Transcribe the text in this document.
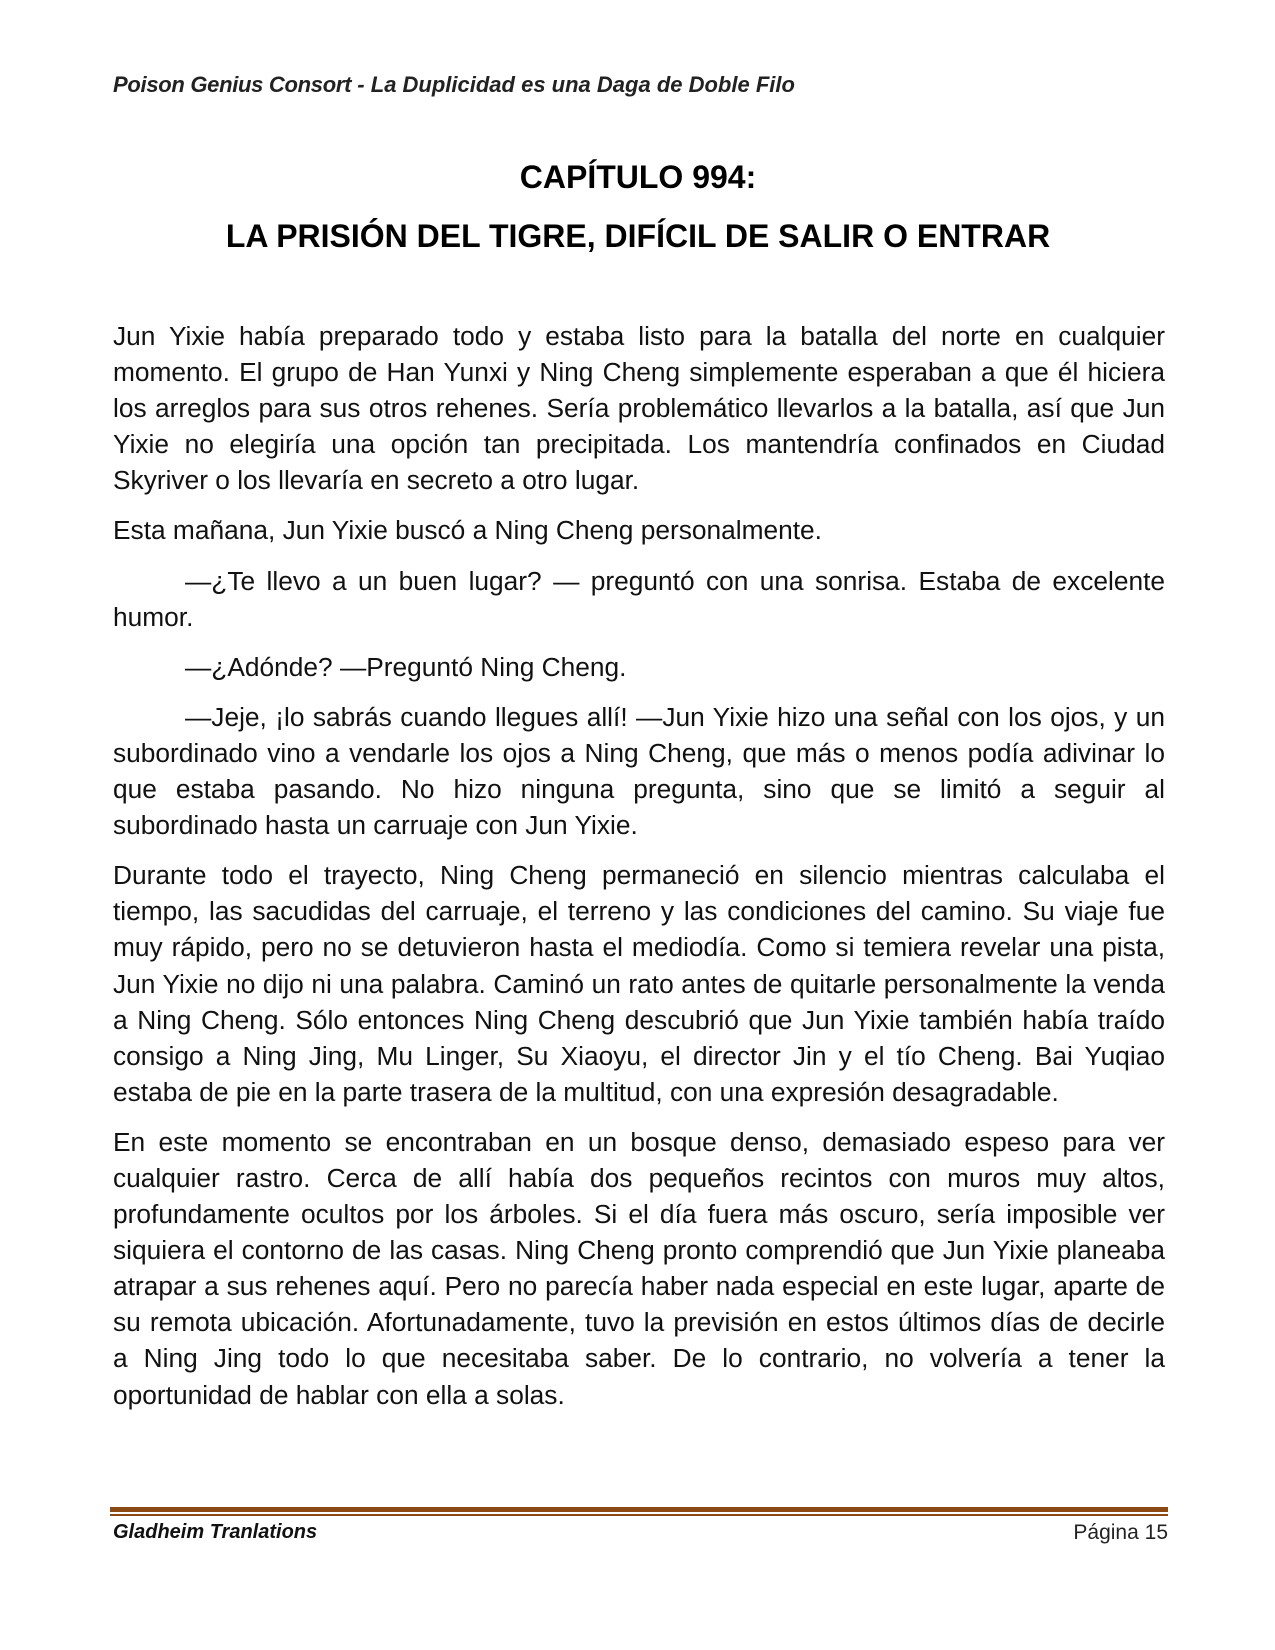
Poison Genius Consort - La Duplicidad es una Daga de Doble Filo
CAPÍTULO 994:
LA PRISIÓN DEL TIGRE, DIFÍCIL DE SALIR O ENTRAR

Jun Yixie había preparado todo y estaba listo para la batalla del norte en cualquier momento. El grupo de Han Yunxi y Ning Cheng simplemente esperaban a que él hiciera los arreglos para sus otros rehenes. Sería problemático llevarlos a la batalla, así que Jun Yixie no elegiría una opción tan precipitada. Los mantendría confinados en Ciudad Skyriver o los llevaría en secreto a otro lugar.

Esta mañana, Jun Yixie buscó a Ning Cheng personalmente.

—¿Te llevo a un buen lugar? — preguntó con una sonrisa. Estaba de excelente humor.

—¿Adónde? —Preguntó Ning Cheng.

—Jeje, ¡lo sabrás cuando llegues allí! —Jun Yixie hizo una señal con los ojos, y un subordinado vino a vendarle los ojos a Ning Cheng, que más o menos podía adivinar lo que estaba pasando. No hizo ninguna pregunta, sino que se limitó a seguir al subordinado hasta un carruaje con Jun Yixie.

Durante todo el trayecto, Ning Cheng permaneció en silencio mientras calculaba el tiempo, las sacudidas del carruaje, el terreno y las condiciones del camino. Su viaje fue muy rápido, pero no se detuvieron hasta el mediodía. Como si temiera revelar una pista, Jun Yixie no dijo ni una palabra. Caminó un rato antes de quitarle personalmente la venda a Ning Cheng. Sólo entonces Ning Cheng descubrió que Jun Yixie también había traído consigo a Ning Jing, Mu Linger, Su Xiaoyu, el director Jin y el tío Cheng. Bai Yuqiao estaba de pie en la parte trasera de la multitud, con una expresión desagradable.

En este momento se encontraban en un bosque denso, demasiado espeso para ver cualquier rastro. Cerca de allí había dos pequeños recintos con muros muy altos, profundamente ocultos por los árboles. Si el día fuera más oscuro, sería imposible ver siquiera el contorno de las casas. Ning Cheng pronto comprendió que Jun Yixie planeaba atrapar a sus rehenes aquí. Pero no parecía haber nada especial en este lugar, aparte de su remota ubicación. Afortunadamente, tuvo la previsión en estos últimos días de decirle a Ning Jing todo lo que necesitaba saber. De lo contrario, no volvería a tener la oportunidad de hablar con ella a solas.

Gladheim Tranlations	Página 15
